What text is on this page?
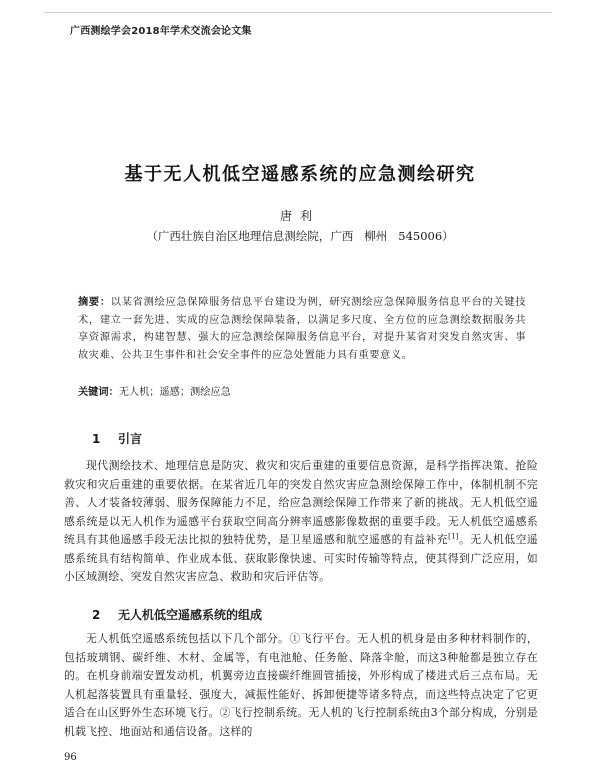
广西测绘学会2018年学术交流会论文集
基于无人机低空遥感系统的应急测绘研究
唐利
（广西壮族自治区地理信息测绘院，广西   柳州   545006）
摘要：以某省测绘应急保障服务信息平台建设为例，研究测绘应急保障服务信息平台的关键技术，建立一套先进、实成的应急测绘保障装备，以满足多尺度、全方位的应急测绘数据服务共享资源需求，构建智慧、强大的应急测绘保障服务信息平台，对提升某省对突发自然灾害、事故灾难、公共卫生事件和社会安全事件的应急处置能力具有重要意义。
关键词：无人机；遥感；测绘应急
1 引言
现代测绘技术、地理信息是防灾、救灾和灾后重建的重要信息资源，是科学指挥决策、抢险救灾和灾后重建的重要依据。在某省近几年的突发自然灾害应急测绘保障工作中，体制机制不完善、人才装备较薄弱、服务保障能力不足，给应急测绘保障工作带来了新的挑战。无人机低空遥感系统是以无人机作为遥感平台获取空间高分辨率遥感影像数据的重要手段。无人机低空遥感系统具有其他遥感手段无法比拟的独特优势，是卫星遥感和航空遥感的有益补充[1]。无人机低空遥感系统具有结构简单、作业成本低、获取影像快速、可实时传输等特点，使其得到广泛应用，如小区域测绘、突发自然灾害应急、救助和灾后评估等。
2 无人机低空遥感系统的组成
无人机低空遥感系统包括以下几个部分。①飞行平台。无人机的机身是由多种材料制作的，包括玻璃钢、碳纤维、木材、金属等，有电池舱、任务舱、降落伞舱，而这3种舱都是独立存在的。在机身前端安置发动机，机翼旁边直接碳纤维圆管插接，外形构成了楼进式后三点布局。无人机起落装置具有重量轻、强度大，减振性能好、拆卸便捷等诸多特点，而这些特点决定了它更适合在山区野外生态环境飞行。②飞行控制系统。无人机的飞行控制系统由3个部分构成，分别是机载飞控、地面站和通信设备。这样的
96
